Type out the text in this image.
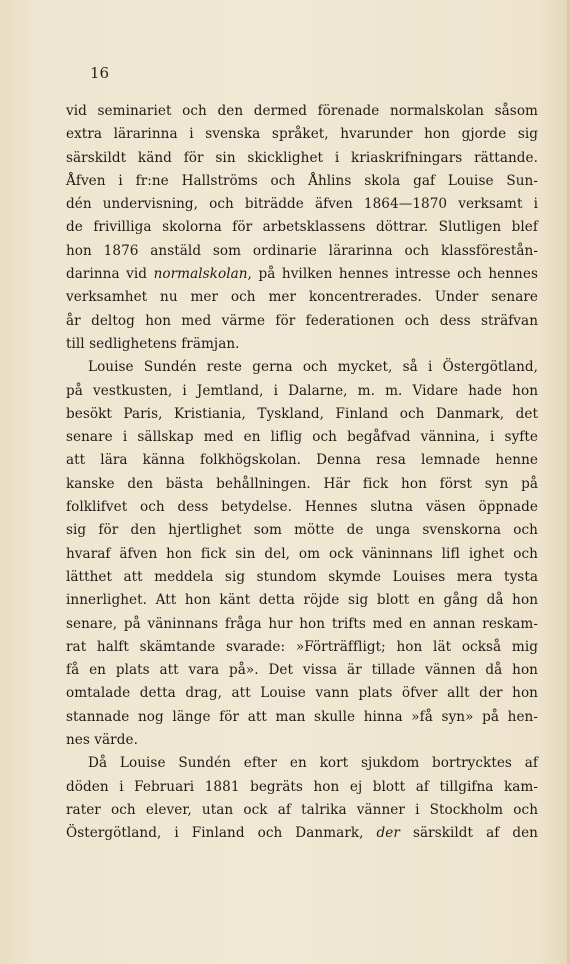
16
vid seminariet och den dermed förenade normalskolan såsom
extra lärarinna i svenska språket, hvarunder hon gjorde sig
särskildt känd för sin skicklighet i kriaskrifningars rättande.
Åfven i fr:ne Hallströms och Åhlins skola gaf Louise Sun-
dén undervisning, och biträdde äfven 1864—1870 verksamt i
de frivilliga skolorna för arbetsklassens döttrar. Slutligen blef
hon 1876 anstäld som ordinarie lärarinna och klassförestån-
darinna vid normalskolan, på hvilken hennes intresse och hennes
verksamhet nu mer och mer koncentrerades. Under senare
år deltog hon med värme för federationen och dess sträfvan
till sedlighetens främjan.
Louise Sundén reste gerna och mycket, så i Östergötland,
på vestkusten, i Jemtland, i Dalarne, m. m. Vidare hade hon
besökt Paris, Kristiania, Tyskland, Finland och Danmark, det
senare i sällskap med en liflig och begåfvad vännina, i syfte
att lära känna folkhögskolan. Denna resa lemnade henne
kanske den bästa behållningen. Här fick hon först syn på
folklifvet och dess betydelse. Hennes slutna väsen öppnade
sig för den hjertlighet som mötte de unga svenskorna och
hvaraf äfven hon fick sin del, om ock väninnans lifl ighet och
lätthet att meddela sig stundom skymde Louises mera tysta
innerlighet. Att hon känt detta röjde sig blott en gång då hon
senare, på väninnans fråga hur hon trifts med en annan reskam-
rat halft skämtande svarade: »Förträffligt; hon lät också mig
få en plats att vara på». Det vissa är tillade vännen då hon
omtalade detta drag, att Louise vann plats öfver allt der hon
stannade nog länge för att man skulle hinna »få syn» på hen-
nes värde.
Då Louise Sundén efter en kort sjukdom bortrycktes af
döden i Februari 1881 begräts hon ej blott af tillgifna kam-
rater och elever, utan ock af talrika vänner i Stockholm och
Östergötland, i Finland och Danmark, der särskildt af den
